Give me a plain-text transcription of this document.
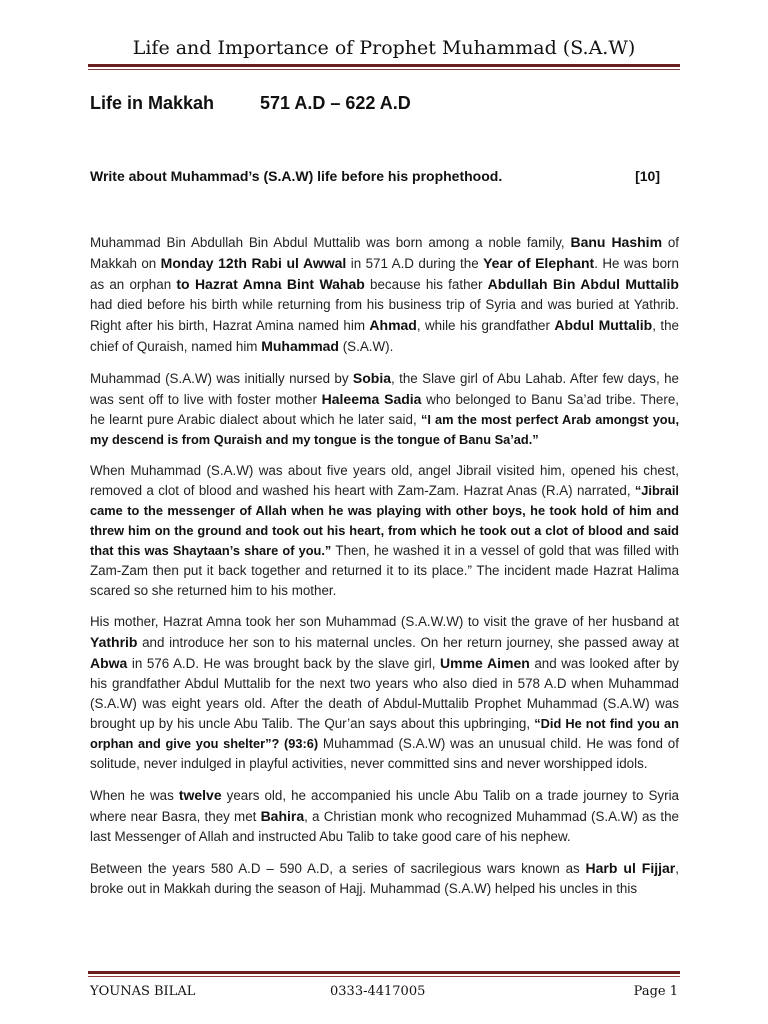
Life and Importance of Prophet Muhammad (S.A.W)
Life in Makkah	571 A.D – 622 A.D
Write about Muhammad’s (S.A.W) life before his prophethood.	[10]

Muhammad Bin Abdullah Bin Abdul Muttalib was born among a noble family, Banu Hashim of Makkah on Monday 12th Rabi ul Awwal in 571 A.D during the Year of Elephant. He was born as an orphan to Hazrat Amna Bint Wahab because his father Abdullah Bin Abdul Muttalib had died before his birth while returning from his business trip of Syria and was buried at Yathrib. Right after his birth, Hazrat Amina named him Ahmad, while his grandfather Abdul Muttalib, the chief of Quraish, named him Muhammad (S.A.W).

Muhammad (S.A.W) was initially nursed by Sobia, the Slave girl of Abu Lahab. After few days, he was sent off to live with foster mother Haleema Sadia who belonged to Banu Sa’ad tribe. There, he learnt pure Arabic dialect about which he later said, “I am the most perfect Arab amongst you, my descend is from Quraish and my tongue is the tongue of Banu Sa’ad.”

When Muhammad (S.A.W) was about five years old, angel Jibrail visited him, opened his chest, removed a clot of blood and washed his heart with Zam-Zam. Hazrat Anas (R.A) narrated, “Jibrail came to the messenger of Allah when he was playing with other boys, he took hold of him and threw him on the ground and took out his heart, from which he took out a clot of blood and said that this was Shaytaan’s share of you.” Then, he washed it in a vessel of gold that was filled with Zam-Zam then put it back together and returned it to its place.” The incident made Hazrat Halima scared so she returned him to his mother.

His mother, Hazrat Amna took her son Muhammad (S.A.W.W) to visit the grave of her husband at Yathrib and introduce her son to his maternal uncles. On her return journey, she passed away at Abwa in 576 A.D. He was brought back by the slave girl, Umme Aimen and was looked after by his grandfather Abdul Muttalib for the next two years who also died in 578 A.D when Muhammad (S.A.W) was eight years old. After the death of Abdul-Muttalib Prophet Muhammad (S.A.W) was brought up by his uncle Abu Talib. The Qur’an says about this upbringing, “Did He not find you an orphan and give you shelter”? (93:6) Muhammad (S.A.W) was an unusual child. He was fond of solitude, never indulged in playful activities, never committed sins and never worshipped idols.

When he was twelve years old, he accompanied his uncle Abu Talib on a trade journey to Syria where near Basra, they met Bahira, a Christian monk who recognized Muhammad (S.A.W) as the last Messenger of Allah and instructed Abu Talib to take good care of his nephew.

Between the years 580 A.D – 590 A.D, a series of sacrilegious wars known as Harb ul Fijjar, broke out in Makkah during the season of Hajj. Muhammad (S.A.W) helped his uncles in this

YOUNAS BILAL	0333-4417005	Page 1
